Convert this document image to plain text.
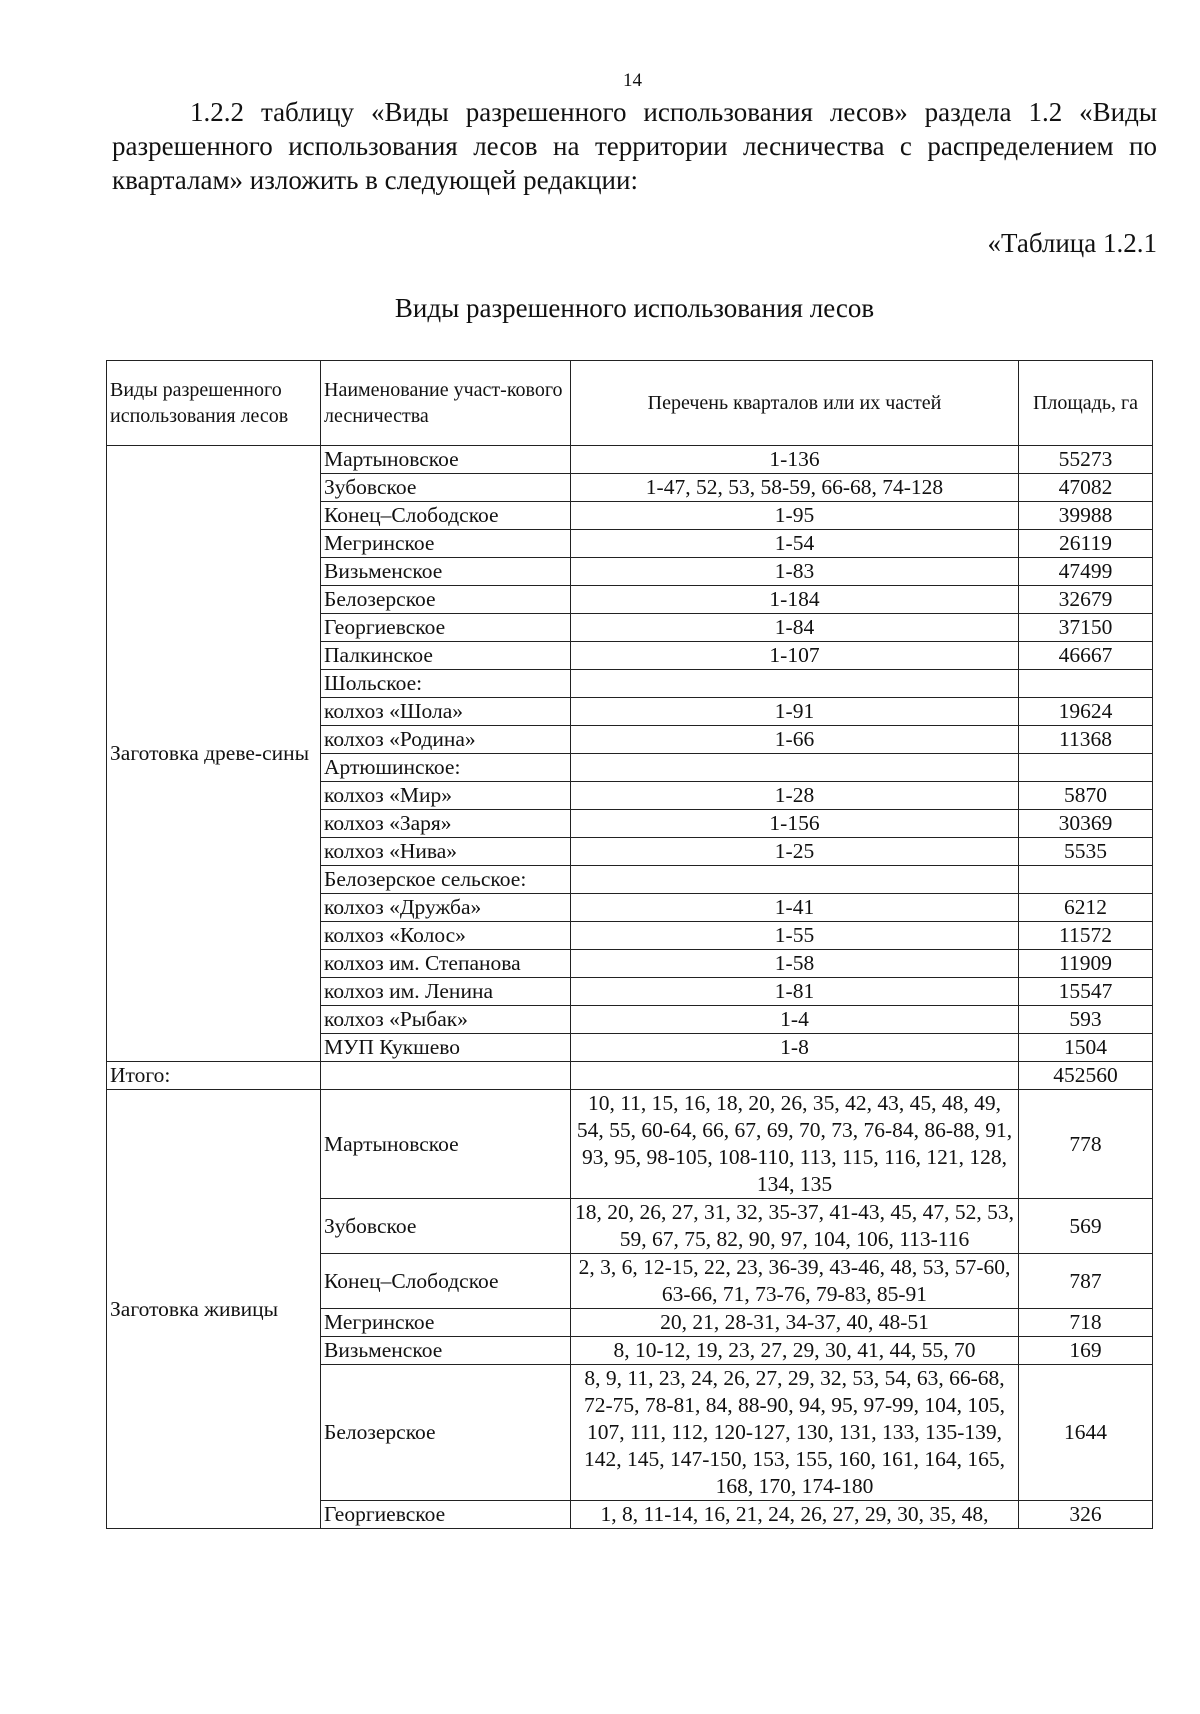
14

1.2.2 таблицу «Виды разрешенного использования лесов» раздела 1.2 «Виды разрешенного использования лесов на территории лесничества с распределением по кварталам» изложить в следующей редакции:

«Таблица 1.2.1
Виды разрешенного использования лесов
Виды разрешенного использования лесов	Наименование участ-кового лесничества	Перечень кварталов или их частей	Площадь, га
Заготовка древе-сины	Мартыновское	1-136	55273
	Зубовское	1-47, 52, 53, 58-59, 66-68, 74-128	47082
	Конец–Слободское	1-95	39988
	Мегринское	1-54	26119
	Визьменское	1-83	47499
	Белозерское	1-184	32679
	Георгиевское	1-84	37150
	Палкинское	1-107	46667
	Шольское:		
	колхоз «Шола»	1-91	19624
	колхоз «Родина»	1-66	11368
	Артюшинское:		
	колхоз «Мир»	1-28	5870
	колхоз «Заря»	1-156	30369
	колхоз «Нива»	1-25	5535
	Белозерское сельское:		
	колхоз «Дружба»	1-41	6212
	колхоз «Колос»	1-55	11572
	колхоз им. Степанова	1-58	11909
	колхоз им. Ленина	1-81	15547
	колхоз «Рыбак»	1-4	593
	МУП Кукшево	1-8	1504
Итого:			452560
Заготовка живицы	Мартыновское	10, 11, 15, 16, 18, 20, 26, 35, 42, 43, 45, 48, 49, 54, 55, 60-64, 66, 67, 69, 70, 73, 76-84, 86-88, 91, 93, 95, 98-105, 108-110, 113, 115, 116, 121, 128, 134, 135	778
	Зубовское	18, 20, 26, 27, 31, 32, 35-37, 41-43, 45, 47, 52, 53, 59, 67, 75, 82, 90, 97, 104, 106, 113-116	569
	Конец–Слободское	2, 3, 6, 12-15, 22, 23, 36-39, 43-46, 48, 53, 57-60, 63-66, 71, 73-76, 79-83, 85-91	787
	Мегринское	20, 21, 28-31, 34-37, 40, 48-51	718
	Визьменское	8, 10-12, 19, 23, 27, 29, 30, 41, 44, 55, 70	169
	Белозерское	8, 9, 11, 23, 24, 26, 27, 29, 32, 53, 54, 63, 66-68, 72-75, 78-81, 84, 88-90, 94, 95, 97-99, 104, 105, 107, 111, 112, 120-127, 130, 131, 133, 135-139, 142, 145, 147-150, 153, 155, 160, 161, 164, 165, 168, 170, 174-180	1644
	Георгиевское	1, 8, 11-14, 16, 21, 24, 26, 27, 29, 30, 35, 48,	326
